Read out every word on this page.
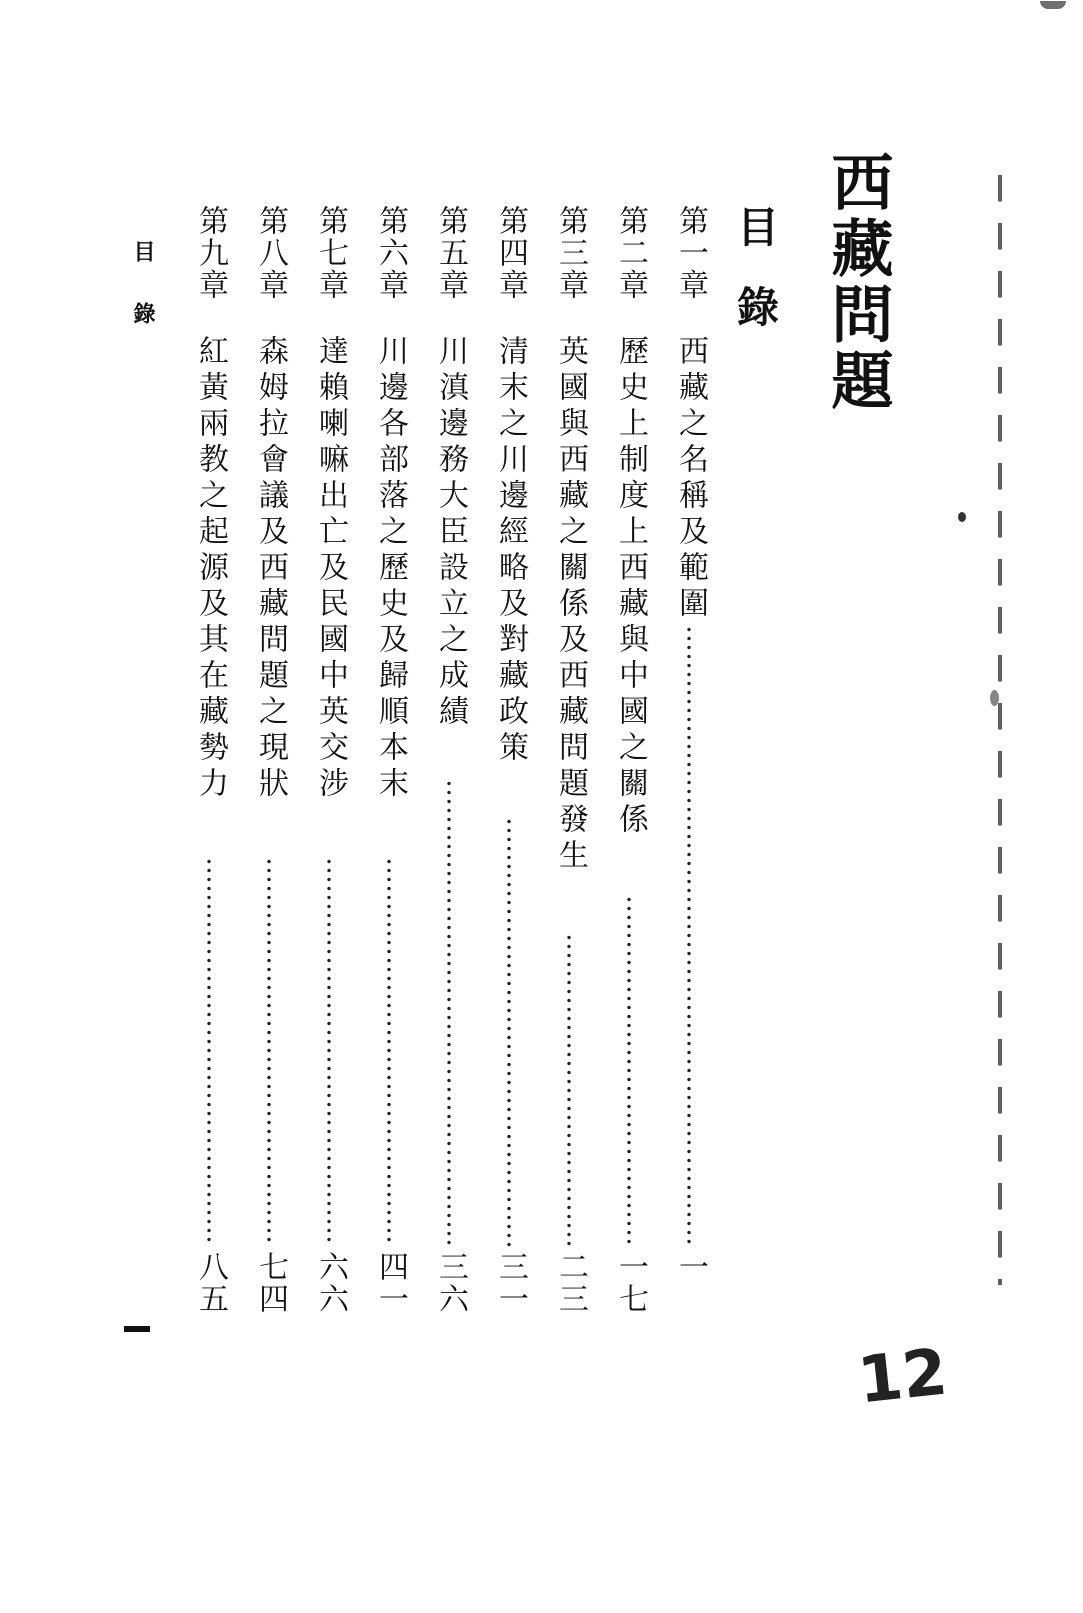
西藏問題
目錄
第一章
西藏之名稱及範圍
一
第二章
歷史上制度上西藏與中國之關係
一七
第三章
英國與西藏之關係及西藏問題發生
二三
第四章
清末之川邊經略及對藏政策
三一
第五章
川滇邊務大臣設立之成績
三六
第六章
川邊各部落之歷史及歸順本末
四一
第七章
達賴喇嘛出亡及民國中英交涉
六六
第八章
森姆拉會議及西藏問題之現狀
七四
第九章
紅黃兩教之起源及其在藏勢力
八五
目錄
12
